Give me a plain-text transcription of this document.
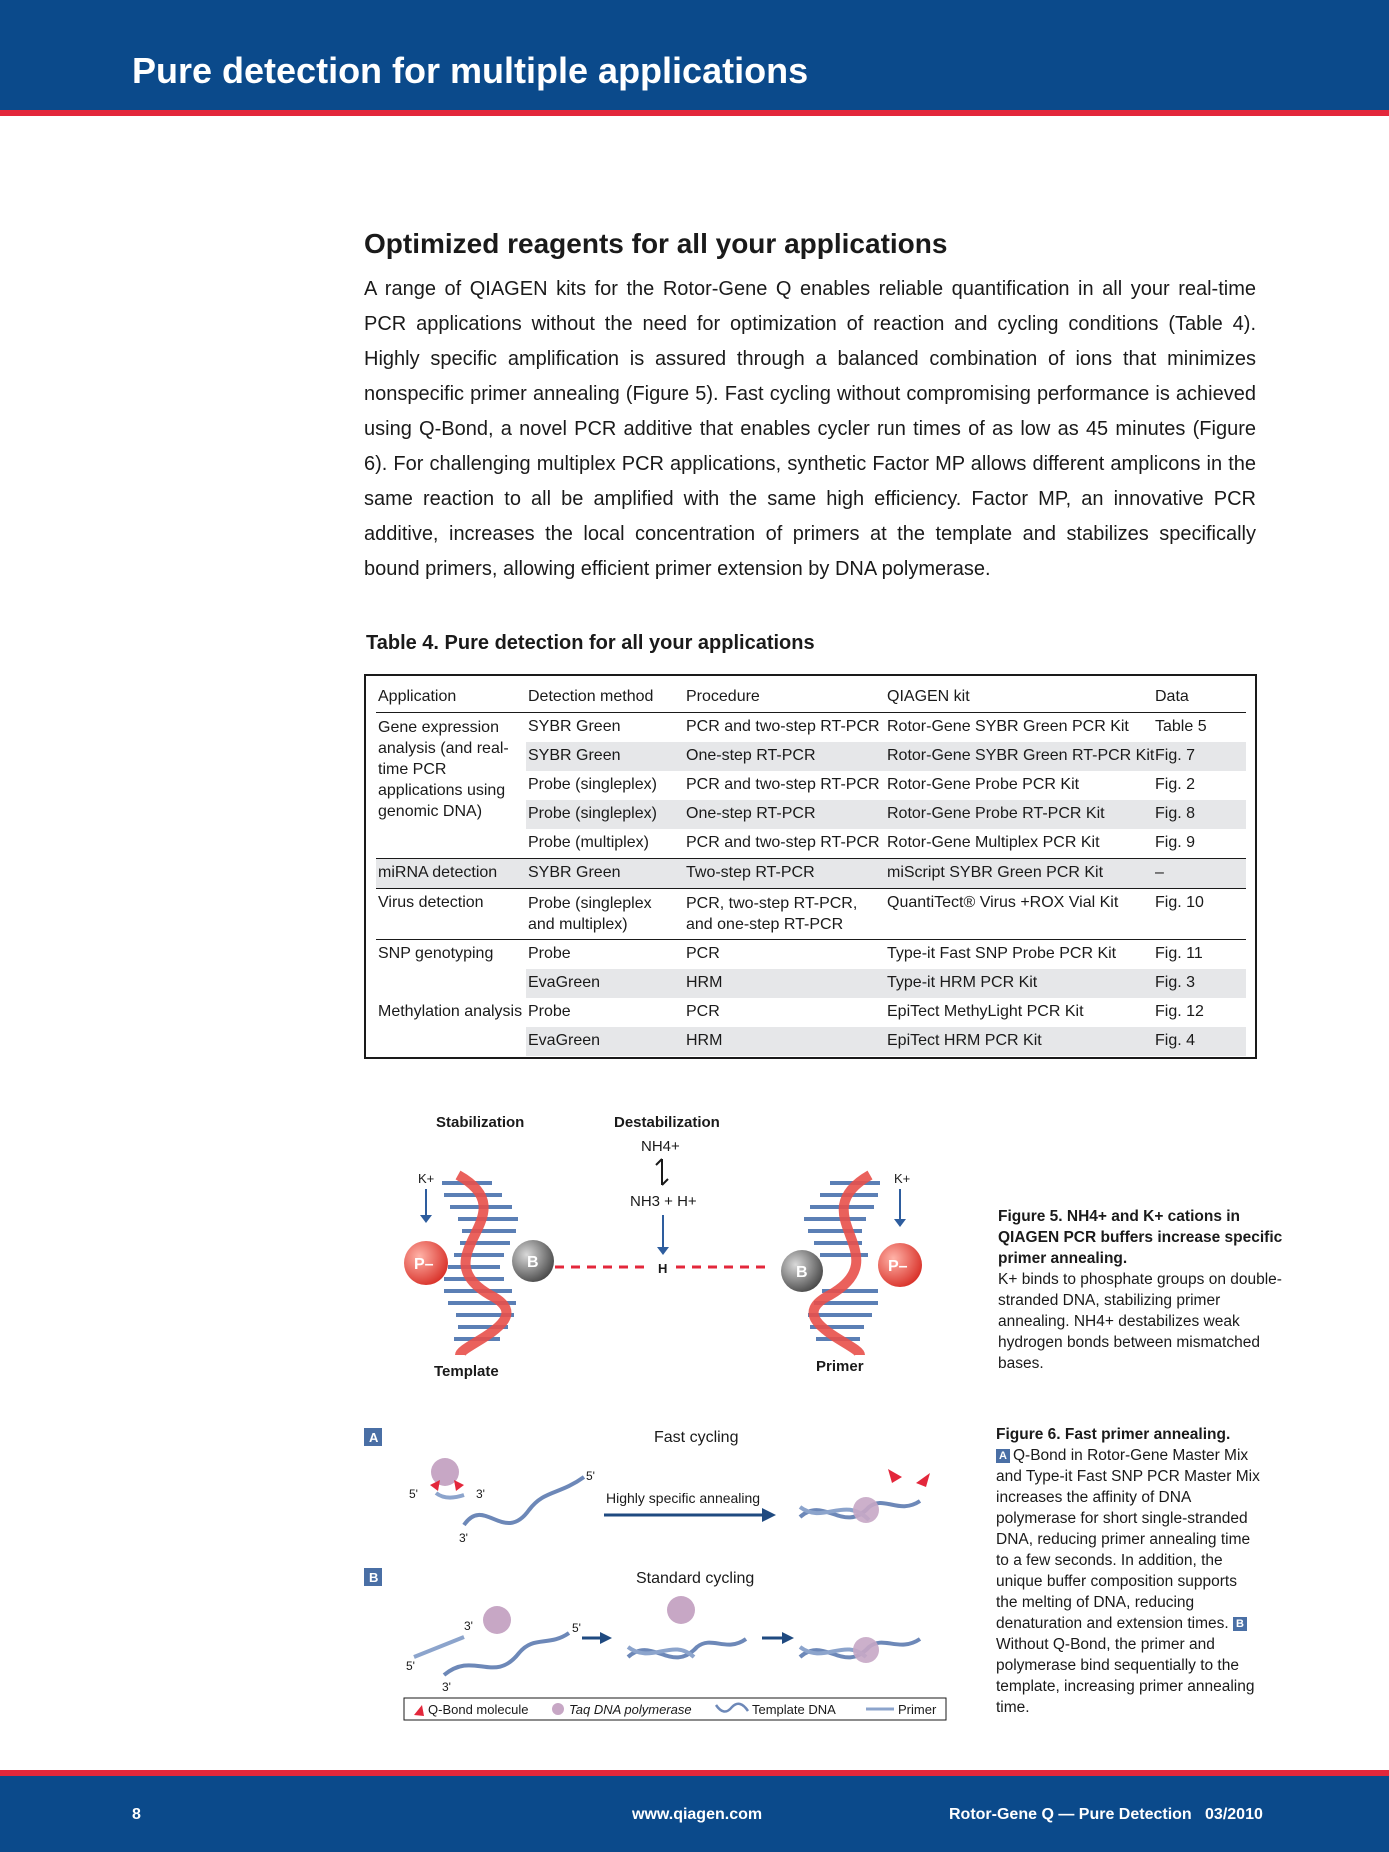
Pure detection for multiple applications
Optimized reagents for all your applications
A range of QIAGEN kits for the Rotor-Gene Q enables reliable quantification in all your real-time PCR applications without the need for optimization of reaction and cycling conditions (Table 4). Highly specific amplification is assured through a balanced combination of ions that minimizes nonspecific primer annealing (Figure 5). Fast cycling without compromising performance is achieved using Q-Bond, a novel PCR additive that enables cycler run times of as low as 45 minutes (Figure 6). For challenging multiplex PCR applications, synthetic Factor MP allows different amplicons in the same reaction to all be amplified with the same high efficiency. Factor MP, an innovative PCR additive, increases the local concentration of primers at the template and stabilizes specifically bound primers, allowing efficient primer extension by DNA polymerase.
Table 4. Pure detection for all your applications
Application	Detection method	Procedure	QIAGEN kit	Data
Gene expression analysis (and real-time PCR applications using genomic DNA)	SYBR Green	PCR and two-step RT-PCR	Rotor-Gene SYBR Green PCR Kit	Table 5
	SYBR Green	One-step RT-PCR	Rotor-Gene SYBR Green RT-PCR Kit	Fig. 7
	Probe (singleplex)	PCR and two-step RT-PCR	Rotor-Gene Probe PCR Kit	Fig. 2
	Probe (singleplex)	One-step RT-PCR	Rotor-Gene Probe RT-PCR Kit	Fig. 8
	Probe (multiplex)	PCR and two-step RT-PCR	Rotor-Gene Multiplex PCR Kit	Fig. 9
miRNA detection	SYBR Green	Two-step RT-PCR	miScript SYBR Green PCR Kit	–
Virus detection	Probe (singleplex and multiplex)	PCR, two-step RT-PCR, and one-step RT-PCR	QuantiTect® Virus +ROX Vial Kit	Fig. 10
SNP genotyping	Probe	PCR	Type-it Fast SNP Probe PCR Kit	Fig. 11
	EvaGreen	HRM	Type-it HRM PCR Kit	Fig. 3
Methylation analysis	Probe	PCR	EpiTect MethyLight PCR Kit	Fig. 12
	EvaGreen	HRM	EpiTect HRM PCR Kit	Fig. 4
Stabilization	Destabilization
NH4+
NH3 + H+
K+
P–	B	H	B
K+
P–
Template	Primer
Figure 5. NH4+ and K+ cations in QIAGEN PCR buffers increase specific primer annealing.
K+ binds to phosphate groups on double-stranded DNA, stabilizing primer annealing. NH4+ destabilizes weak hydrogen bonds between mismatched bases.
A	Fast cycling
5'	3'
5'
3'
Highly specific annealing
B	Standard cycling
5'
3'	5'
3'
Q-Bond molecule	Taq DNA polymerase	Template DNA	Primer
Figure 6. Fast primer annealing.
A Q-Bond in Rotor-Gene Master Mix and Type-it Fast SNP PCR Master Mix increases the affinity of DNA polymerase for short single-stranded DNA, reducing primer annealing time to a few seconds. In addition, the unique buffer composition supports the melting of DNA, reducing denaturation and extension times. BWithout Q-Bond, the primer and polymerase bind sequentially to the template, increasing primer annealing time.
8	www.qiagen.com	Rotor-Gene Q — Pure Detection   03/2010
